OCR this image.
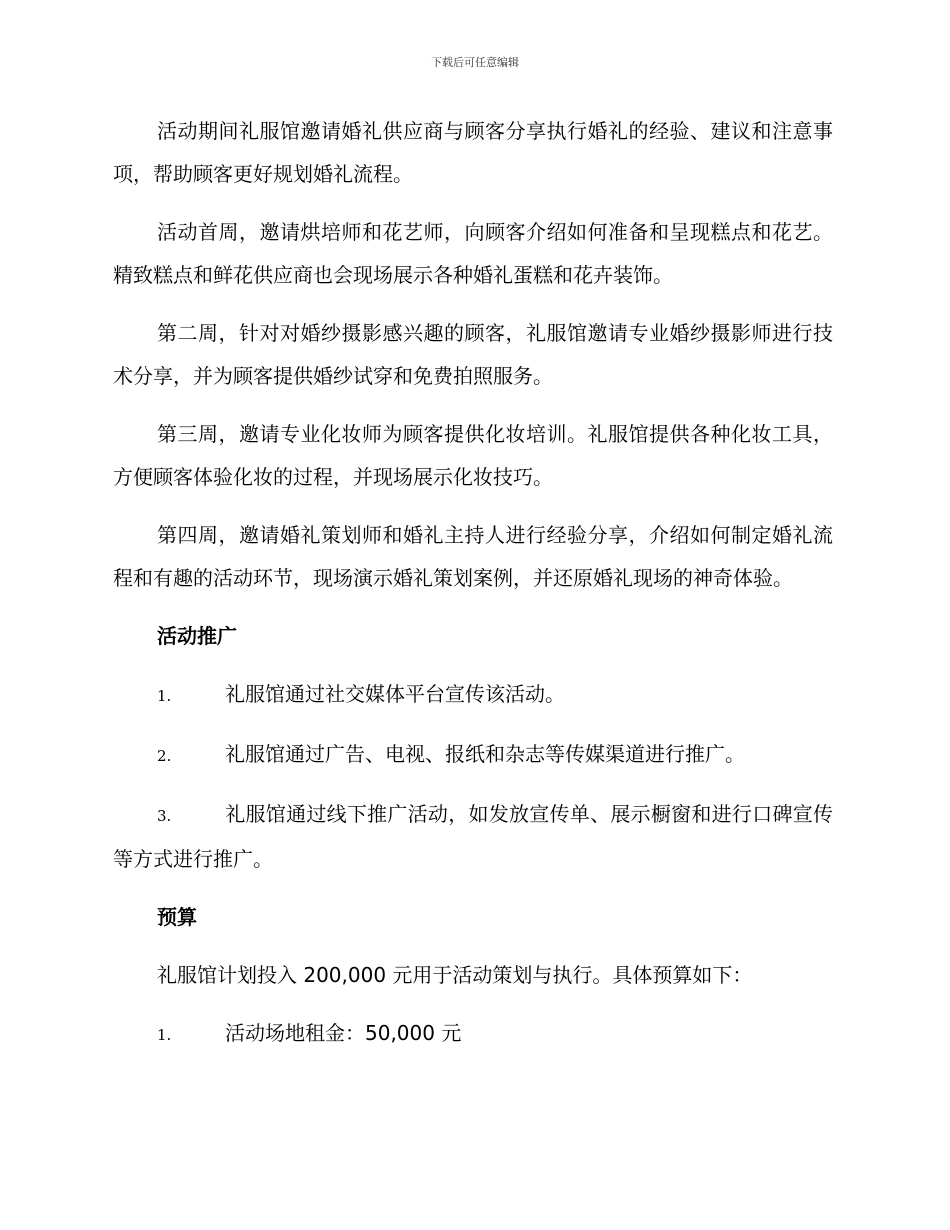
下载后可任意编辑

活动期间礼服馆邀请婚礼供应商与顾客分享执行婚礼的经验、建议和注意事项，帮助顾客更好规划婚礼流程。

活动首周，邀请烘培师和花艺师，向顾客介绍如何准备和呈现糕点和花艺。精致糕点和鲜花供应商也会现场展示各种婚礼蛋糕和花卉装饰。

第二周，针对对婚纱摄影感兴趣的顾客，礼服馆邀请专业婚纱摄影师进行技术分享，并为顾客提供婚纱试穿和免费拍照服务。

第三周，邀请专业化妆师为顾客提供化妆培训。礼服馆提供各种化妆工具，方便顾客体验化妆的过程，并现场展示化妆技巧。

第四周，邀请婚礼策划师和婚礼主持人进行经验分享，介绍如何制定婚礼流程和有趣的活动环节，现场演示婚礼策划案例，并还原婚礼现场的神奇体验。

活动推广
1.	礼服馆通过社交媒体平台宣传该活动。
2.	礼服馆通过广告、电视、报纸和杂志等传媒渠道进行推广。
3.	礼服馆通过线下推广活动，如发放宣传单、展示橱窗和进行口碑宣传等方式进行推广。
预算

礼服馆计划投入 200,000 元用于活动策划与执行。具体预算如下：

1.	活动场地租金：50,000 元
